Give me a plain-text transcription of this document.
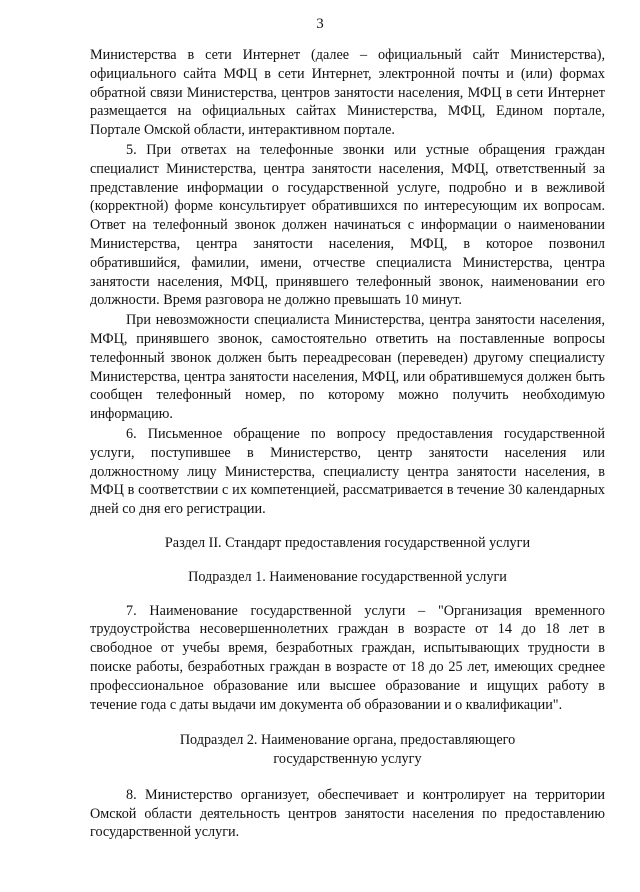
3

Министерства в сети Интернет (далее – официальный сайт Министерства), официального сайта МФЦ в сети Интернет, электронной почты и (или) формах обратной связи Министерства, центров занятости населения, МФЦ в сети Интернет размещается на официальных сайтах Министерства, МФЦ, Едином портале, Портале Омской области, интерактивном портале.

5. При ответах на телефонные звонки или устные обращения граждан специалист Министерства, центра занятости населения, МФЦ, ответственный за представление информации о государственной услуге, подробно и в вежливой (корректной) форме консультирует обратившихся по интересующим их вопросам. Ответ на телефонный звонок должен начинаться с информации о наименовании Министерства, центра занятости населения, МФЦ, в которое позвонил обратившийся, фамилии, имени, отчестве специалиста Министерства, центра занятости населения, МФЦ, принявшего телефонный звонок, наименовании его должности. Время разговора не должно превышать 10 минут.

При невозможности специалиста Министерства, центра занятости населения, МФЦ, принявшего звонок, самостоятельно ответить на поставленные вопросы телефонный звонок должен быть переадресован (переведен) другому специалисту Министерства, центра занятости населения, МФЦ, или обратившемуся должен быть сообщен телефонный номер, по которому можно получить необходимую информацию.

6. Письменное обращение по вопросу предоставления государственной услуги, поступившее в Министерство, центр занятости населения или должностному лицу Министерства, специалисту центра занятости населения, в МФЦ в соответствии с их компетенцией, рассматривается в течение 30 календарных дней со дня его регистрации.

Раздел II. Стандарт предоставления государственной услуги

Подраздел 1. Наименование государственной услуги

7. Наименование государственной услуги – "Организация временного трудоустройства несовершеннолетних граждан в возрасте от 14 до 18 лет в свободное от учебы время, безработных граждан, испытывающих трудности в поиске работы, безработных граждан в возрасте от 18 до 25 лет, имеющих среднее профессиональное образование или высшее образование и ищущих работу в течение года с даты выдачи им документа об образовании и о квалификации".

Подраздел 2. Наименование органа, предоставляющего

государственную услугу

8. Министерство организует, обеспечивает и контролирует на территории Омской области деятельность центров занятости населения по предоставлению государственной услуги.
